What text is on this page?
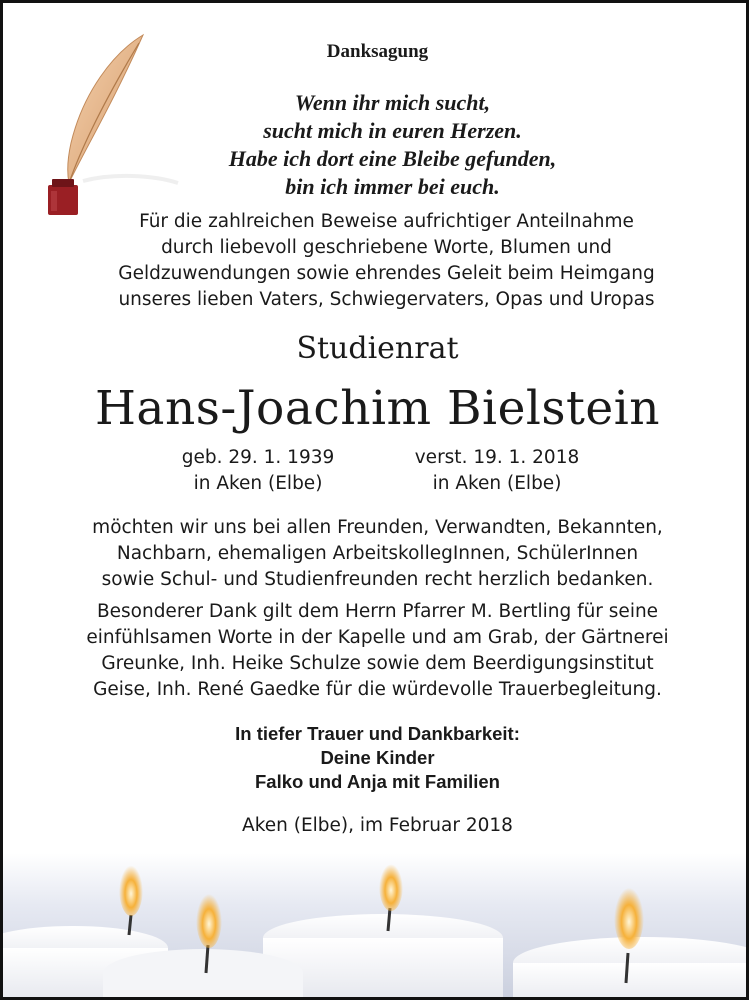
Danksagung
Wenn ihr mich sucht,
sucht mich in euren Herzen.
Habe ich dort eine Bleibe gefunden,
bin ich immer bei euch.
Für die zahlreichen Beweise aufrichtiger Anteilnahme
durch liebevoll geschriebene Worte, Blumen und
Geldzuwendungen sowie ehrendes Geleit beim Heimgang
unseres lieben Vaters, Schwiegervaters, Opas und Uropas
Studienrat
Hans-Joachim Bielstein
geb. 29. 1. 1939
in Aken (Elbe)
verst. 19. 1. 2018
in Aken (Elbe)
möchten wir uns bei allen Freunden, Verwandten, Bekannten,
Nachbarn, ehemaligen ArbeitskollegInnen, SchülerInnen
sowie Schul- und Studienfreunden recht herzlich bedanken.
Besonderer Dank gilt dem Herrn Pfarrer M. Bertling für seine
einfühlsamen Worte in der Kapelle und am Grab, der Gärtnerei
Greunke, Inh. Heike Schulze sowie dem Beerdigungsinstitut
Geise, Inh. René Gaedke für die würdevolle Trauerbegleitung.
In tiefer Trauer und Dankbarkeit:
Deine Kinder
Falko und Anja mit Familien
Aken (Elbe), im Februar 2018
